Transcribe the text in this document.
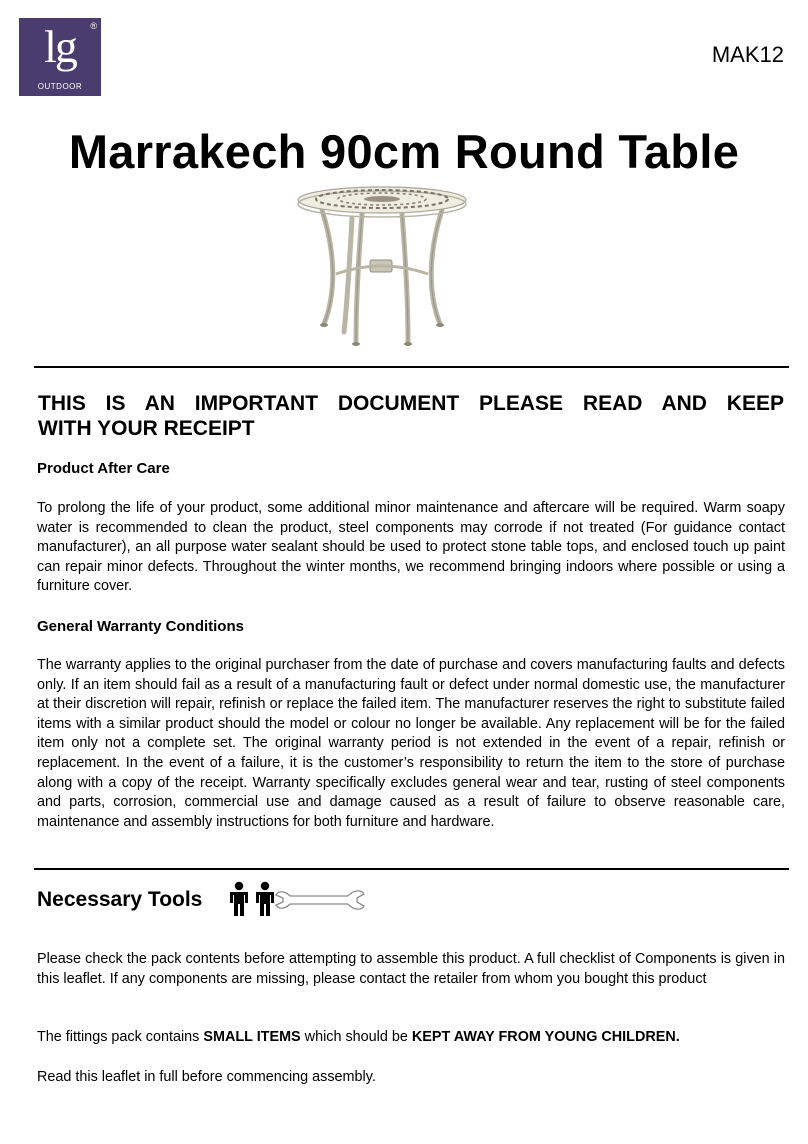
lg	®
OUTDOOR
MAK12
Marrakech 90cm Round Table
THIS IS AN IMPORTANT DOCUMENT PLEASE READ AND KEEP
WITH YOUR RECEIPT
Product After Care
To prolong the life of your product, some additional minor maintenance and aftercare will be required. Warm soapy water is recommended to clean the product, steel components may corrode if not treated (For guidance contact manufacturer), an all purpose water sealant should be used to protect stone table tops, and enclosed touch up paint can repair minor defects. Throughout the winter months, we recommend bringing indoors where possible or using a furniture cover.
General Warranty Conditions
The warranty applies to the original purchaser from the date of purchase and covers manufacturing faults and defects only. If an item should fail as a result of a manufacturing fault or defect under normal domestic use, the manufacturer at their discretion will repair, refinish or replace the failed item. The manufacturer reserves the right to substitute failed items with a similar product should the model or colour no longer be available. Any replacement will be for the failed item only not a complete set. The original warranty period is not extended in the event of a repair, refinish or replacement. In the event of a failure, it is the customer’s responsibility to return the item to the store of purchase along with a copy of the receipt. Warranty specifically excludes general wear and tear, rusting of steel components and parts, corrosion, commercial use and damage caused as a result of failure to observe reasonable care, maintenance and assembly instructions for both furniture and hardware.
Necessary Tools
Please check the pack contents before attempting to assemble this product. A full checklist of Components is given in this leaflet. If any components are missing, please contact the retailer from whom you bought this product
The fittings pack contains SMALL ITEMS which should be KEPT AWAY FROM YOUNG CHILDREN.
Read this leaflet in full before commencing assembly.
